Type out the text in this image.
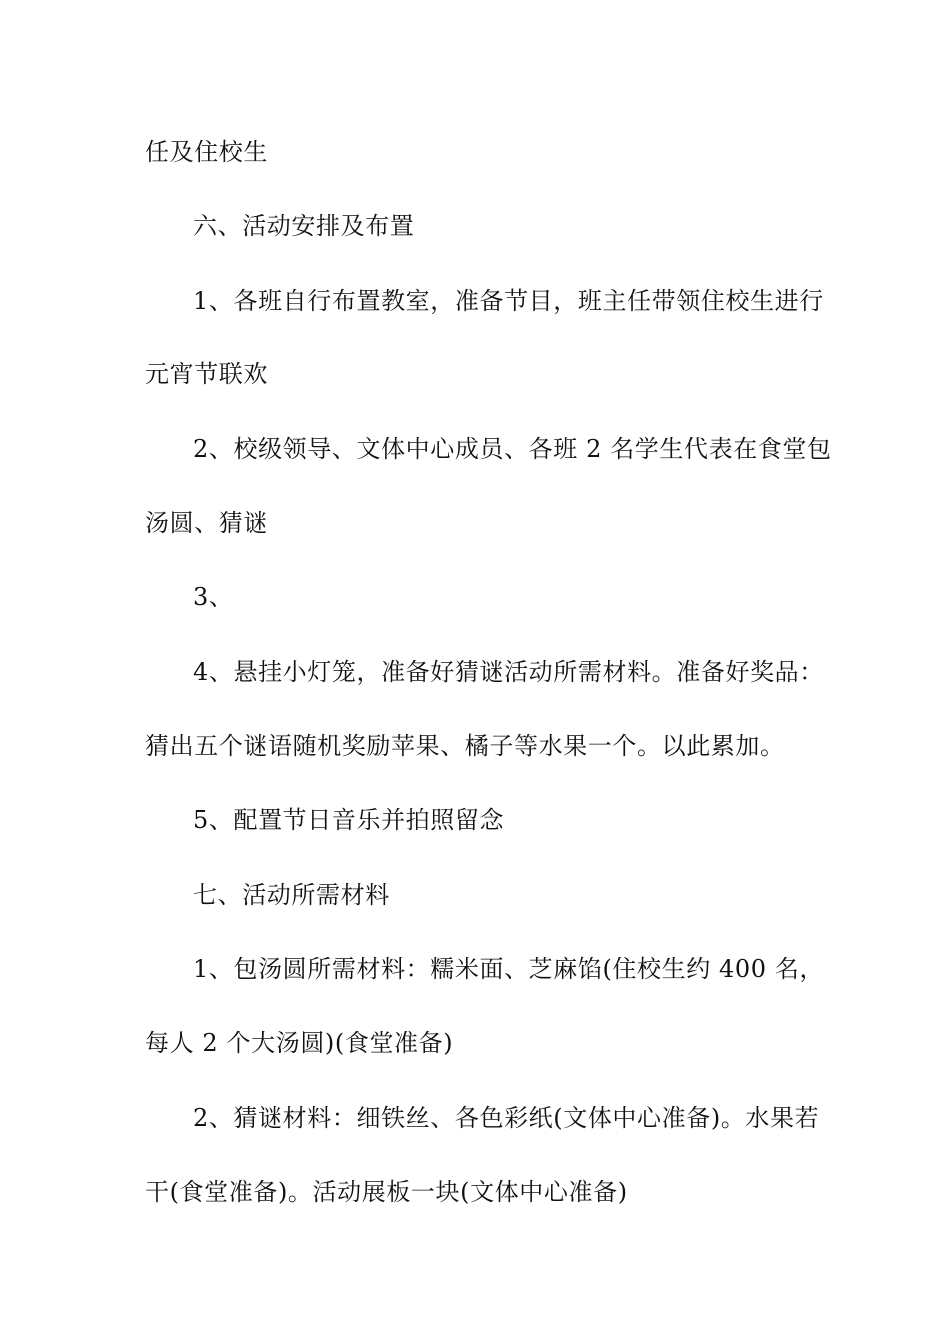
任及住校生
六、活动安排及布置
1、各班自行布置教室，准备节目，班主任带领住校生进行
元宵节联欢
2、校级领导、文体中心成员、各班 2 名学生代表在食堂包
汤圆、猜谜
3、
4、悬挂小灯笼，准备好猜谜活动所需材料。准备好奖品：
猜出五个谜语随机奖励苹果、橘子等水果一个。以此累加。
5、配置节日音乐并拍照留念
七、活动所需材料
1、包汤圆所需材料：糯米面、芝麻馅(住校生约 400 名，
每人 2 个大汤圆)(食堂准备)
2、猜谜材料：细铁丝、各色彩纸(文体中心准备)。水果若
干(食堂准备)。活动展板一块(文体中心准备)
